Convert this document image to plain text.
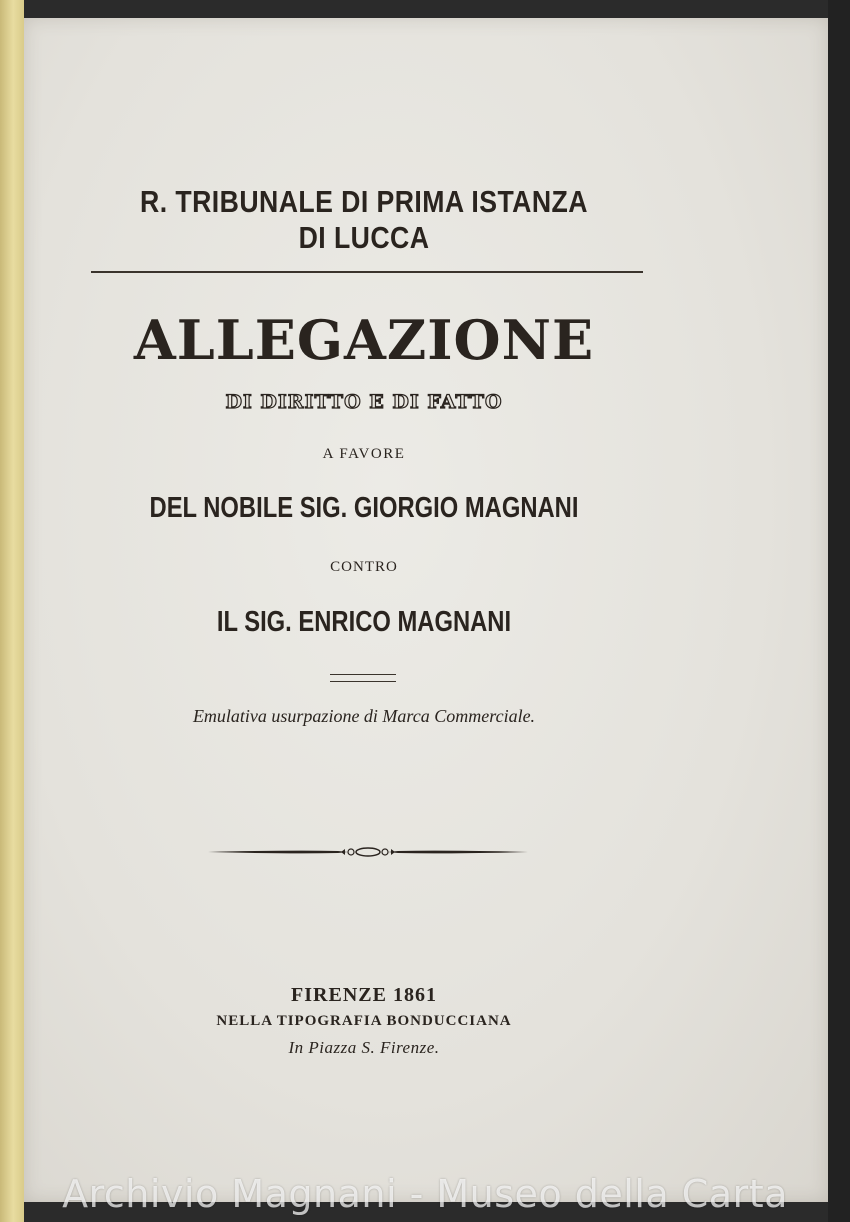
R. TRIBUNALE DI PRIMA ISTANZA DI LUCCA
ALLEGAZIONE
DI DIRITTO E DI FATTO
A FAVORE
DEL NOBILE SIG. GIORGIO MAGNANI
CONTRO
IL SIG. ENRICO MAGNANI
Emulativa usurpazione di Marca Commerciale.
FIRENZE 1861
NELLA TIPOGRAFIA BONDUCCIANA
In Piazza S. Firenze.
Archivio Magnani - Museo della Carta
